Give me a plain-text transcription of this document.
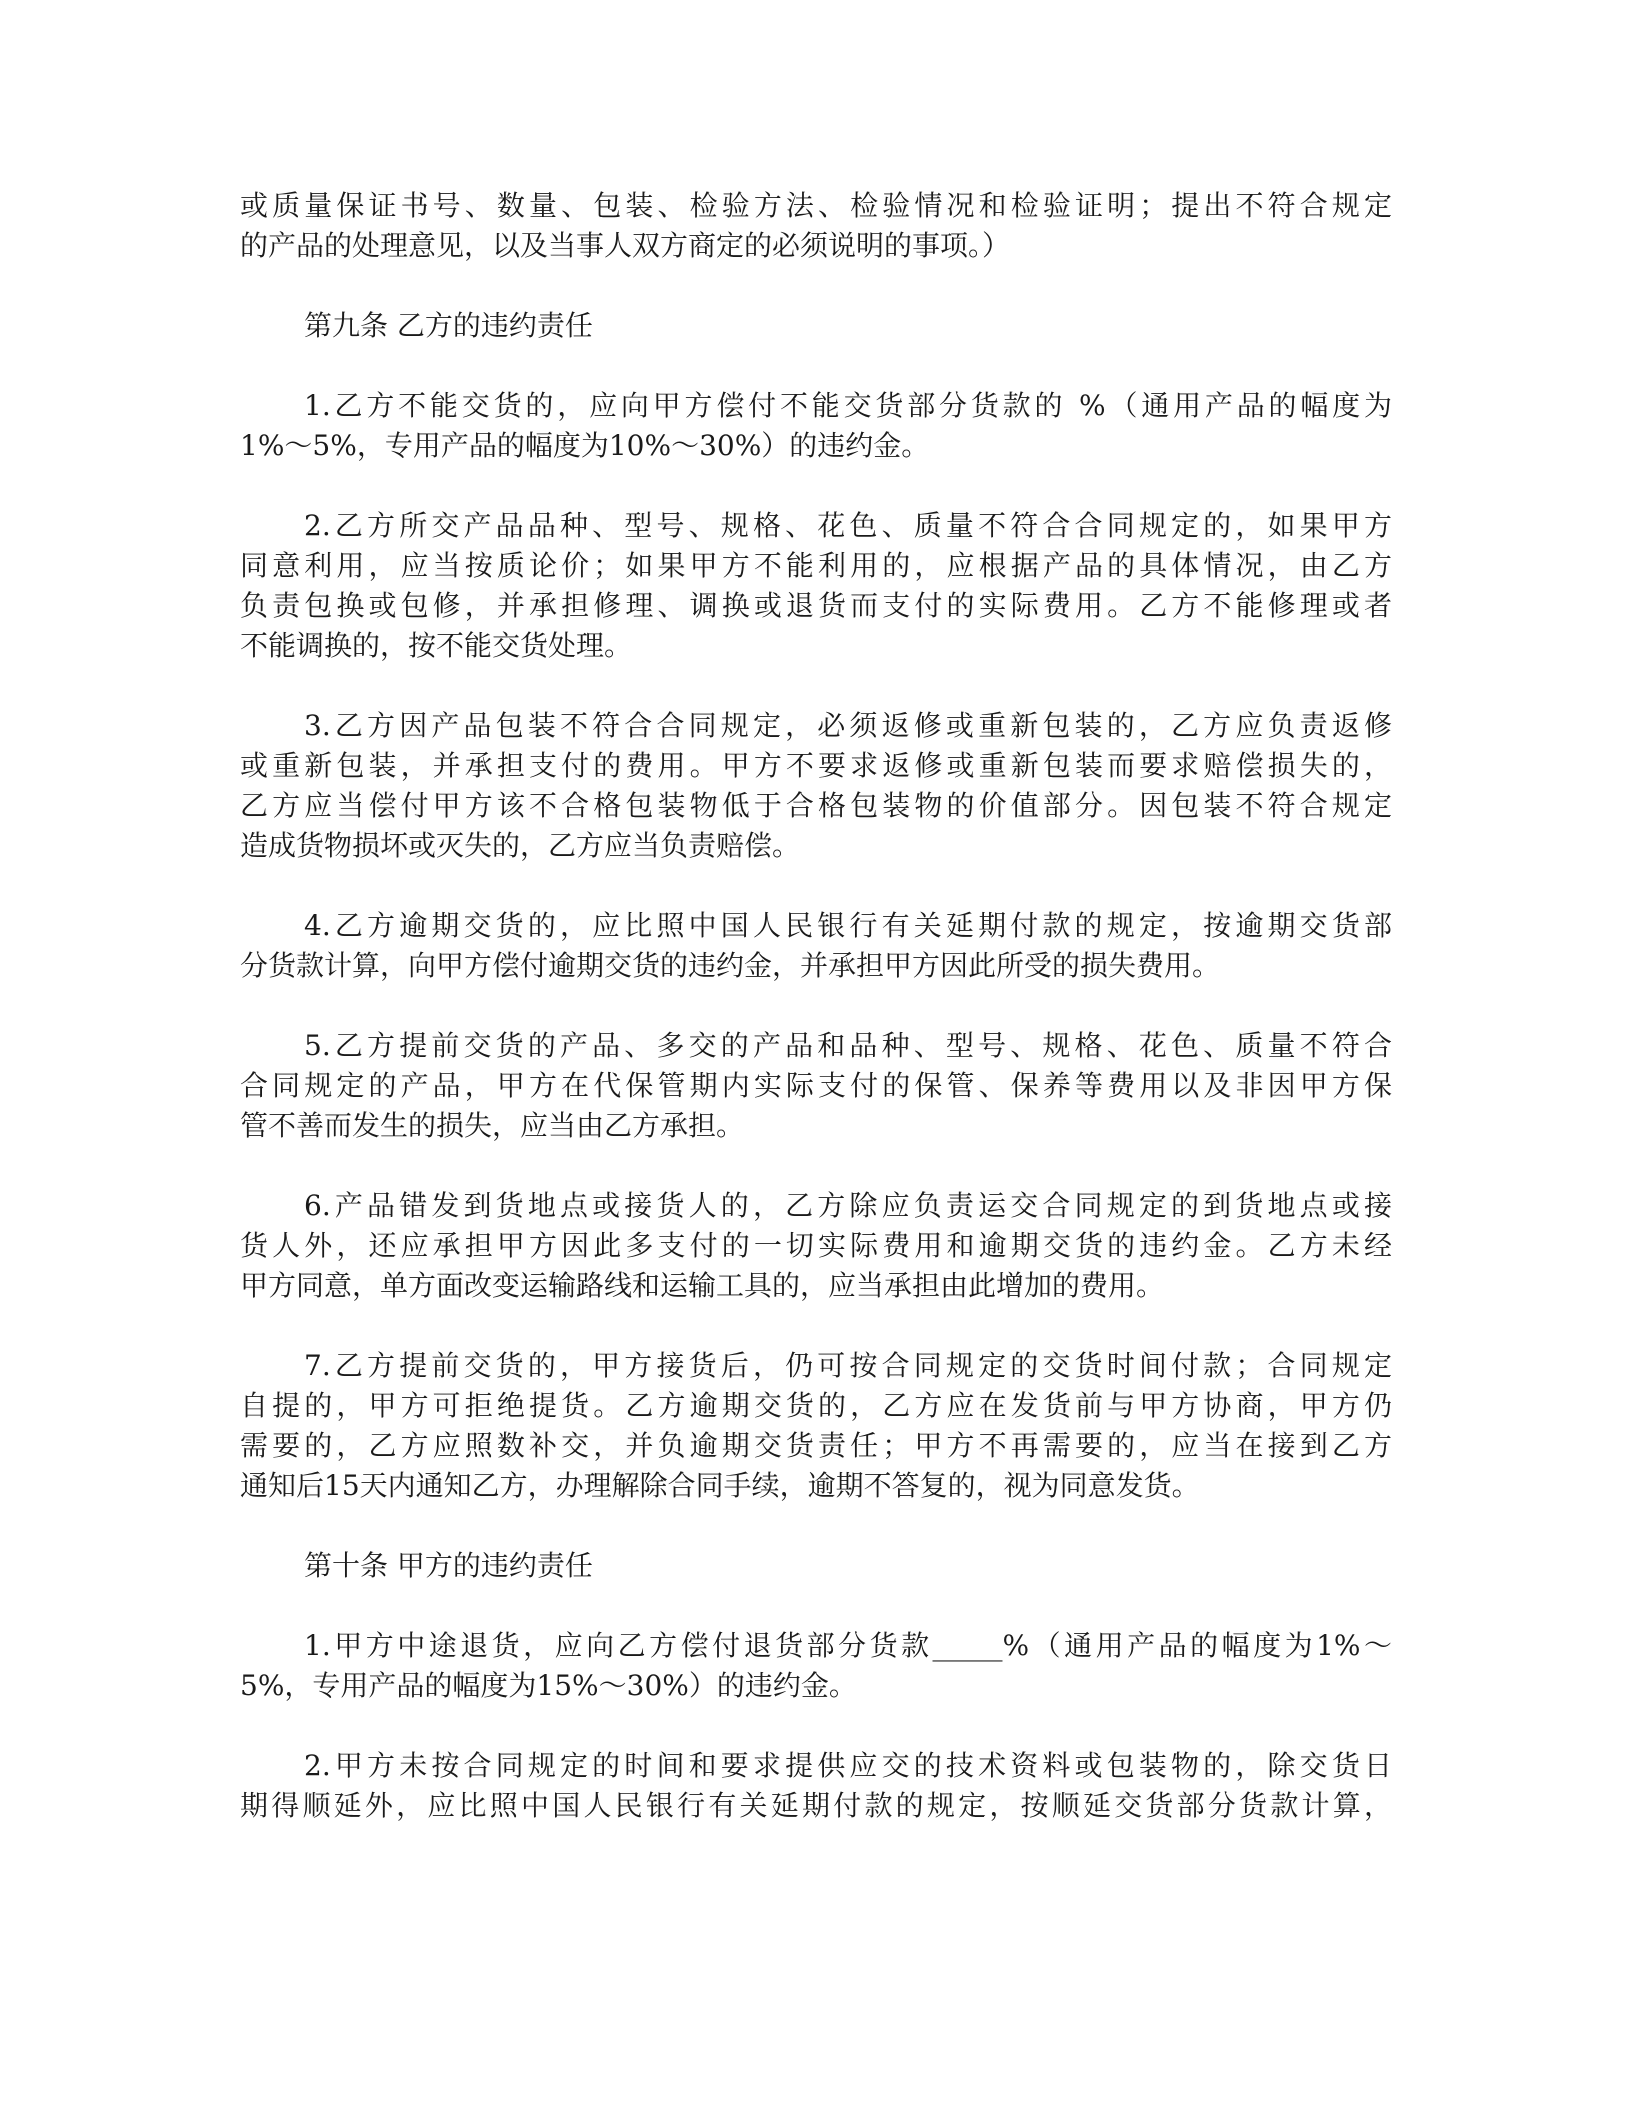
或质量保证书号、数量、包装、检验方法、检验情况和检验证明；提出不符合规定
的产品的处理意见，以及当事人双方商定的必须说明的事项。）
第九条 乙方的违约责任
1.乙方不能交货的，应向甲方偿付不能交货部分货款的 %（通用产品的幅度为
1%～5%，专用产品的幅度为10%～30%）的违约金。
2.乙方所交产品品种、型号、规格、花色、质量不符合合同规定的，如果甲方
同意利用，应当按质论价；如果甲方不能利用的，应根据产品的具体情况，由乙方
负责包换或包修，并承担修理、调换或退货而支付的实际费用。乙方不能修理或者
不能调换的，按不能交货处理。
3.乙方因产品包装不符合合同规定，必须返修或重新包装的，乙方应负责返修
或重新包装，并承担支付的费用。甲方不要求返修或重新包装而要求赔偿损失的，
乙方应当偿付甲方该不合格包装物低于合格包装物的价值部分。因包装不符合规定
造成货物损坏或灭失的，乙方应当负责赔偿。
4.乙方逾期交货的，应比照中国人民银行有关延期付款的规定，按逾期交货部
分货款计算，向甲方偿付逾期交货的违约金，并承担甲方因此所受的损失费用。
5.乙方提前交货的产品、多交的产品和品种、型号、规格、花色、质量不符合
合同规定的产品，甲方在代保管期内实际支付的保管、保养等费用以及非因甲方保
管不善而发生的损失，应当由乙方承担。
6.产品错发到货地点或接货人的，乙方除应负责运交合同规定的到货地点或接
货人外，还应承担甲方因此多支付的一切实际费用和逾期交货的违约金。乙方未经
甲方同意，单方面改变运输路线和运输工具的，应当承担由此增加的费用。
7.乙方提前交货的，甲方接货后，仍可按合同规定的交货时间付款；合同规定
自提的，甲方可拒绝提货。乙方逾期交货的，乙方应在发货前与甲方协商，甲方仍
需要的，乙方应照数补交，并负逾期交货责任；甲方不再需要的，应当在接到乙方
通知后15天内通知乙方，办理解除合同手续，逾期不答复的，视为同意发货。
第十条 甲方的违约责任
1.甲方中途退货，应向乙方偿付退货部分货款_____%（通用产品的幅度为1%～
5%，专用产品的幅度为15%～30%）的违约金。
2.甲方未按合同规定的时间和要求提供应交的技术资料或包装物的，除交货日
期得顺延外，应比照中国人民银行有关延期付款的规定，按顺延交货部分货款计算，
